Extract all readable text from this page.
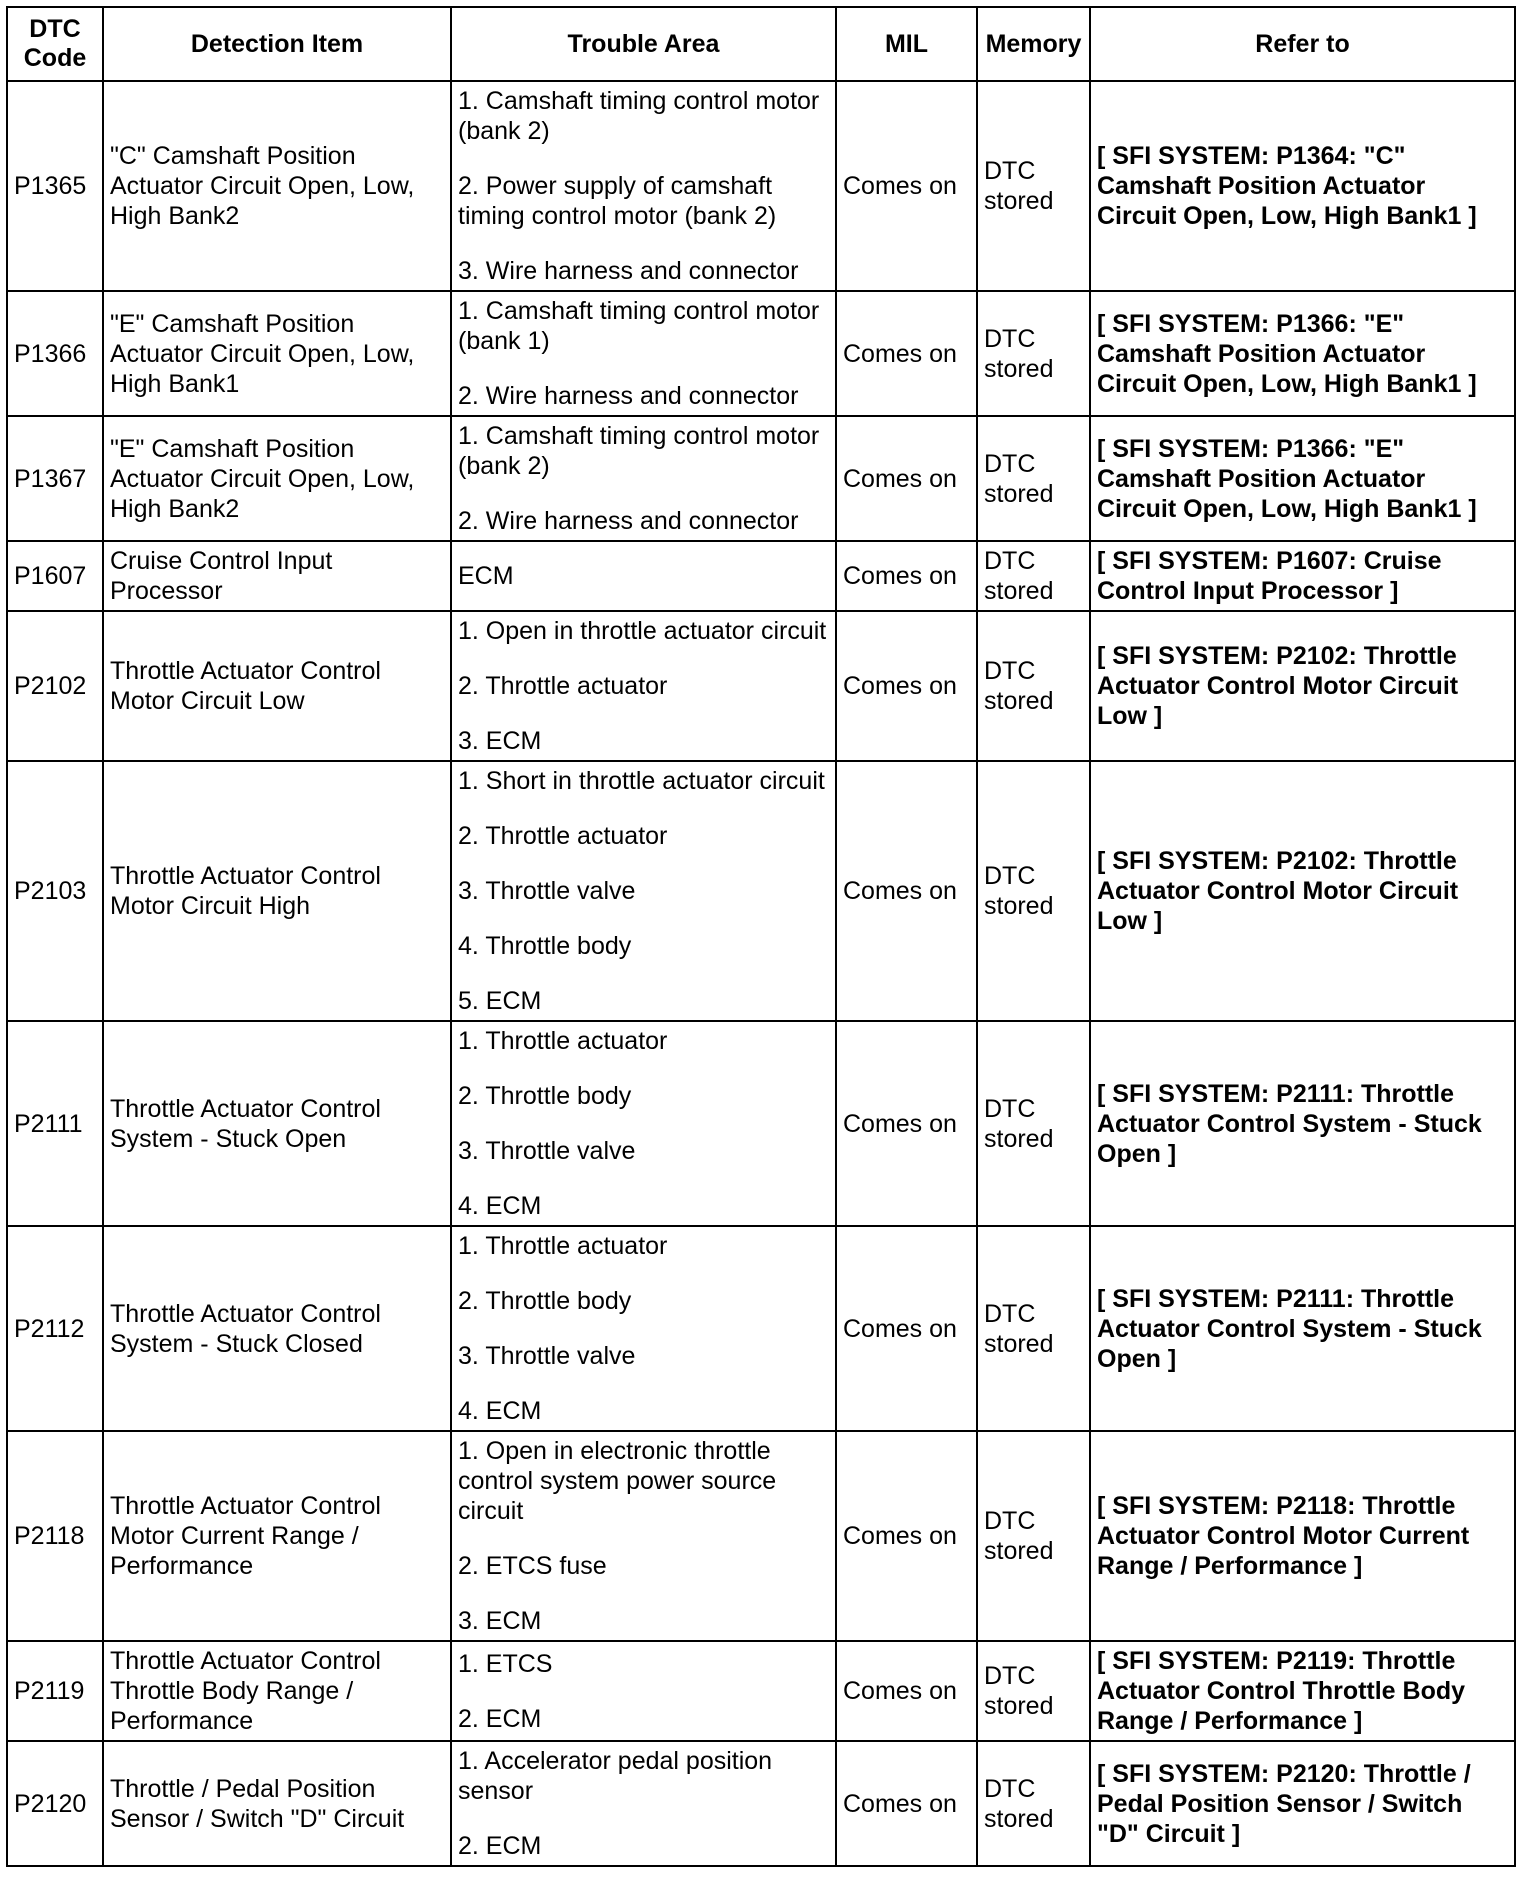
DTC Code	Detection Item	Trouble Area	MIL	Memory	Refer to
P1365	"C" Camshaft Position Actuator Circuit Open, Low, High Bank2	1. Camshaft timing control motor (bank 2)
2. Power supply of camshaft timing control motor (bank 2)
3. Wire harness and connector	Comes on	DTC stored	[ SFI SYSTEM: P1364: "C" Camshaft Position Actuator Circuit Open, Low, High Bank1 ]
P1366	"E" Camshaft Position Actuator Circuit Open, Low, High Bank1	1. Camshaft timing control motor (bank 1)
2. Wire harness and connector	Comes on	DTC stored	[ SFI SYSTEM: P1366: "E" Camshaft Position Actuator Circuit Open, Low, High Bank1 ]
P1367	"E" Camshaft Position Actuator Circuit Open, Low, High Bank2	1. Camshaft timing control motor (bank 2)
2. Wire harness and connector	Comes on	DTC stored	[ SFI SYSTEM: P1366: "E" Camshaft Position Actuator Circuit Open, Low, High Bank1 ]
P1607	Cruise Control Input Processor	ECM	Comes on	DTC stored	[ SFI SYSTEM: P1607: Cruise Control Input Processor ]
P2102	Throttle Actuator Control Motor Circuit Low	1. Open in throttle actuator circuit
2. Throttle actuator
3. ECM	Comes on	DTC stored	[ SFI SYSTEM: P2102: Throttle Actuator Control Motor Circuit Low ]
P2103	Throttle Actuator Control Motor Circuit High	1. Short in throttle actuator circuit
2. Throttle actuator
3. Throttle valve
4. Throttle body
5. ECM	Comes on	DTC stored	[ SFI SYSTEM: P2102: Throttle Actuator Control Motor Circuit Low ]
P2111	Throttle Actuator Control System - Stuck Open	1. Throttle actuator
2. Throttle body
3. Throttle valve
4. ECM	Comes on	DTC stored	[ SFI SYSTEM: P2111: Throttle Actuator Control System - Stuck Open ]
P2112	Throttle Actuator Control System - Stuck Closed	1. Throttle actuator
2. Throttle body
3. Throttle valve
4. ECM	Comes on	DTC stored	[ SFI SYSTEM: P2111: Throttle Actuator Control System - Stuck Open ]
P2118	Throttle Actuator Control Motor Current Range / Performance	1. Open in electronic throttle control system power source circuit
2. ETCS fuse
3. ECM	Comes on	DTC stored	[ SFI SYSTEM: P2118: Throttle Actuator Control Motor Current Range / Performance ]
P2119	Throttle Actuator Control Throttle Body Range / Performance	1. ETCS
2. ECM	Comes on	DTC stored	[ SFI SYSTEM: P2119: Throttle Actuator Control Throttle Body Range / Performance ]
P2120	Throttle / Pedal Position Sensor / Switch "D" Circuit	1. Accelerator pedal position sensor
2. ECM	Comes on	DTC stored	[ SFI SYSTEM: P2120: Throttle / Pedal Position Sensor / Switch "D" Circuit ]
